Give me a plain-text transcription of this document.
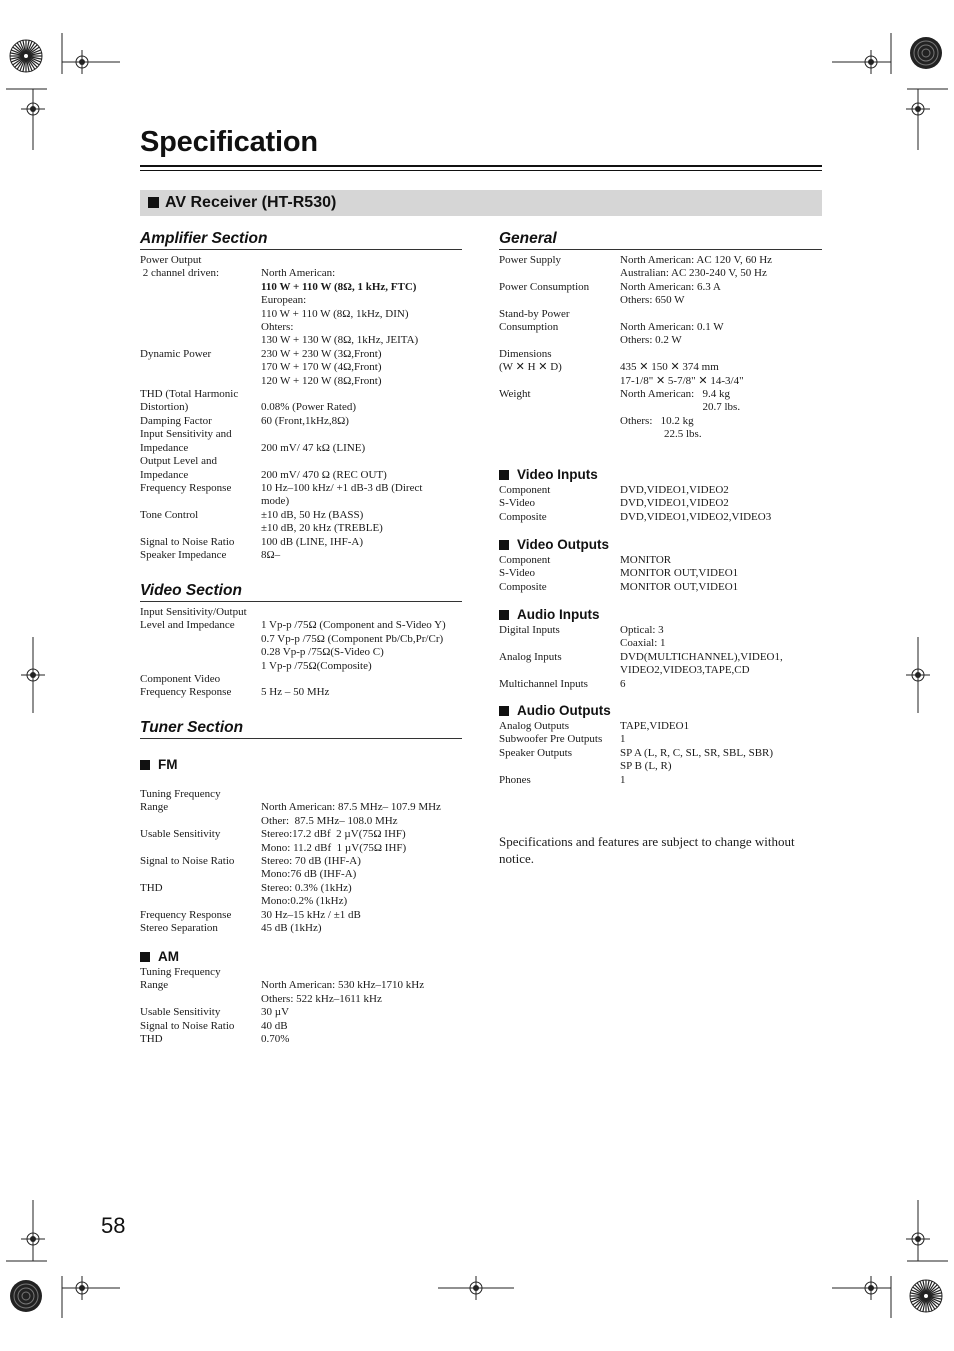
Specification
AV Receiver (HT-R530)
Amplifier Section
Power Output
2 channel driven:	North American:
110 W + 110 W (8Ω, 1 kHz, FTC)
European:
110 W + 110 W (8Ω, 1kHz, DIN)
Ohters:
130 W + 130 W (8Ω, 1kHz, JEITA)
Dynamic Power	230 W + 230 W (3Ω,Front)
170 W + 170 W (4Ω,Front)
120 W + 120 W (8Ω,Front)
THD (Total Harmonic
Distortion)	0.08% (Power Rated)
Damping Factor	60 (Front,1kHz,8Ω)
Input Sensitivity and
Impedance	200 mV/ 47 kΩ (LINE)
Output Level and
Impedance	200 mV/ 470 Ω (REC OUT)
Frequency Response	10 Hz–100 kHz/ +1 dB-3 dB (Direct
mode)
Tone Control	±10 dB, 50 Hz (BASS)
±10 dB, 20 kHz (TREBLE)
Signal to Noise Ratio	100 dB (LINE, IHF-A)
Speaker Impedance	8Ω–
Video Section
Input Sensitivity/Output
Level and Impedance	1 Vp-p /75Ω (Component and S-Video Y)
0.7 Vp-p /75Ω (Component Pb/Cb,Pr/Cr)
0.28 Vp-p /75Ω(S-Video C)
1 Vp-p /75Ω(Composite)
Component Video
Frequency Response	5 Hz – 50 MHz
Tuner Section
FM
Tuning Frequency
Range	North American: 87.5 MHz– 107.9 MHz
Other:  87.5 MHz– 108.0 MHz
Usable Sensitivity	Stereo:17.2 dBf  2 µV(75Ω IHF)
Mono: 11.2 dBf  1 µV(75Ω IHF)
Signal to Noise Ratio	Stereo: 70 dB (IHF-A)
Mono:76 dB (IHF-A)
THD	Stereo: 0.3% (1kHz)
Mono:0.2% (1kHz)
Frequency Response	30 Hz–15 kHz / ±1 dB
Stereo Separation	45 dB (1kHz)
AM
Tuning Frequency
Range	North American: 530 kHz–1710 kHz
Others: 522 kHz–1611 kHz
Usable Sensitivity	30 µV
Signal to Noise Ratio	40 dB
THD	0.70%
General
Power Supply	North American: AC 120 V, 60 Hz
Australian: AC 230-240 V, 50 Hz
Power Consumption	North American: 6.3 A
Others: 650 W
Stand-by Power
Consumption	North American: 0.1 W
Others: 0.2 W
Dimensions
(W ✕ H ✕ D)	435 ✕ 150 ✕ 374 mm
17-1/8" ✕ 5-7/8" ✕ 14-3/4"
Weight	North American:   9.4 kg
20.7 lbs.
Others:   10.2 kg
22.5 lbs.
Video Inputs
Component	DVD,VIDEO1,VIDEO2
S-Video	DVD,VIDEO1,VIDEO2
Composite	DVD,VIDEO1,VIDEO2,VIDEO3
Video Outputs
Component	MONITOR
S-Video	MONITOR OUT,VIDEO1
Composite	MONITOR OUT,VIDEO1
Audio Inputs
Digital Inputs	Optical: 3
Coaxial: 1
Analog Inputs	DVD(MULTICHANNEL),VIDEO1,
VIDEO2,VIDEO3,TAPE,CD
Multichannel Inputs	6
Audio Outputs
Analog Outputs	TAPE,VIDEO1
Subwoofer Pre Outputs	1
Speaker Outputs	SP A (L, R, C, SL, SR, SBL, SBR)
SP B (L, R)
Phones	1
Specifications and features are subject to change without notice.
58
